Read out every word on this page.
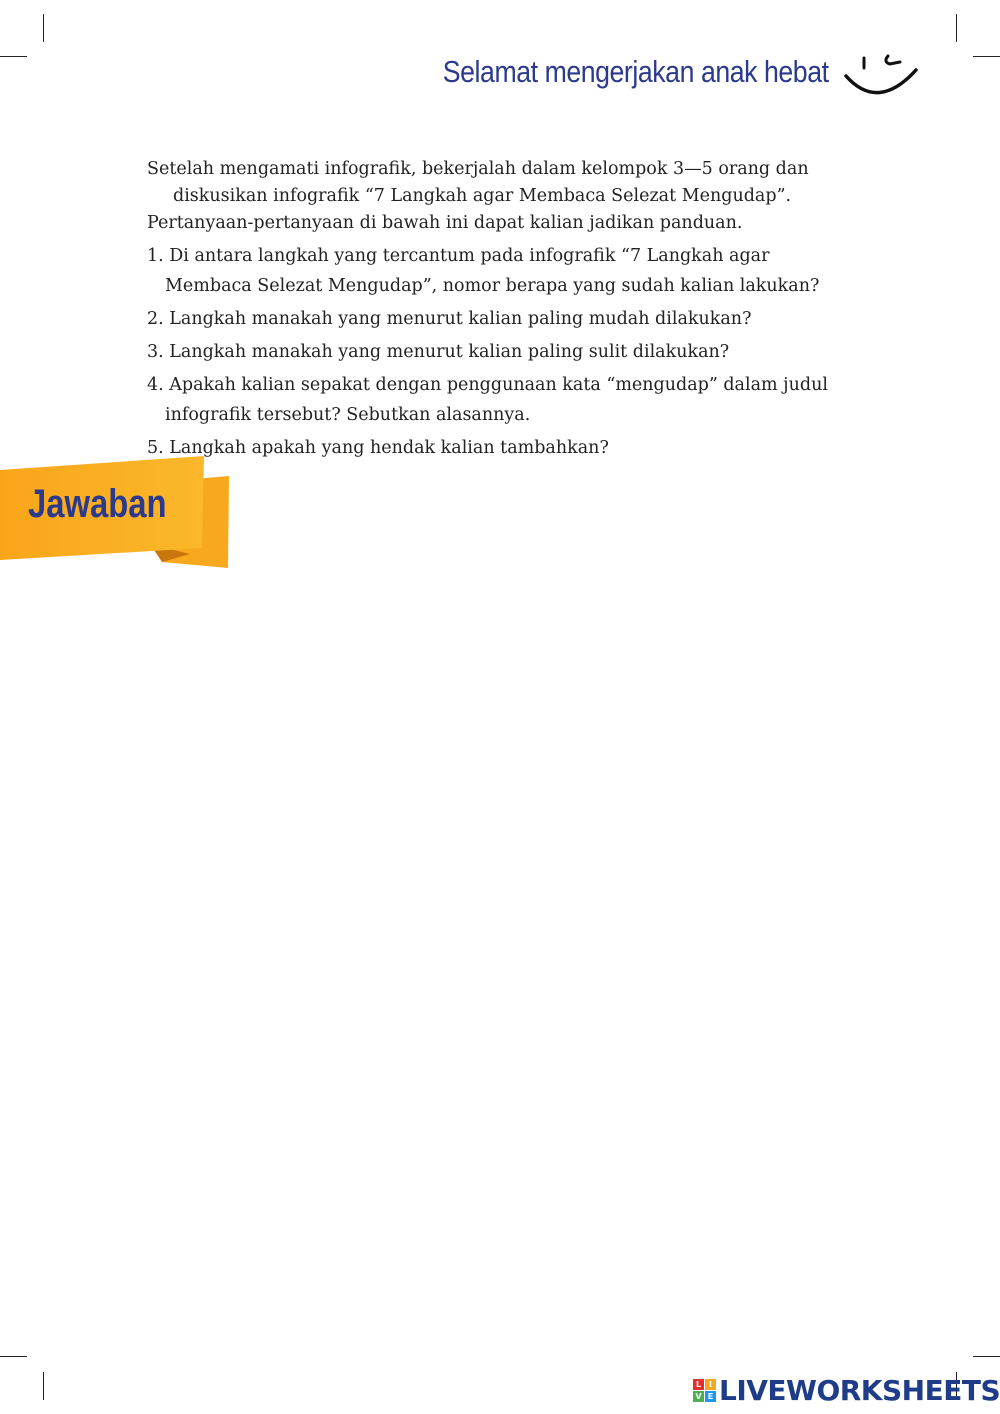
Selamat mengerjakan anak hebat

Setelah mengamati infografik, bekerjalah dalam kelompok 3—5 orang dan

diskusikan infografik “7 Langkah agar Membaca Selezat Mengudap”.

Pertanyaan-pertanyaan di bawah ini dapat kalian jadikan panduan.

1. Di antara langkah yang tercantum pada infografik “7 Langkah agar Membaca Selezat Mengudap”, nomor berapa yang sudah kalian lakukan?
2. Langkah manakah yang menurut kalian paling mudah dilakukan?
3. Langkah manakah yang menurut kalian paling sulit dilakukan?
4. Apakah kalian sepakat dengan penggunaan kata “mengudap” dalam judul infografik tersebut? Sebutkan alasannya.
5. Langkah apakah yang hendak kalian tambahkan?
Jawaban
L I
V E LIVEWORKSHEETS
